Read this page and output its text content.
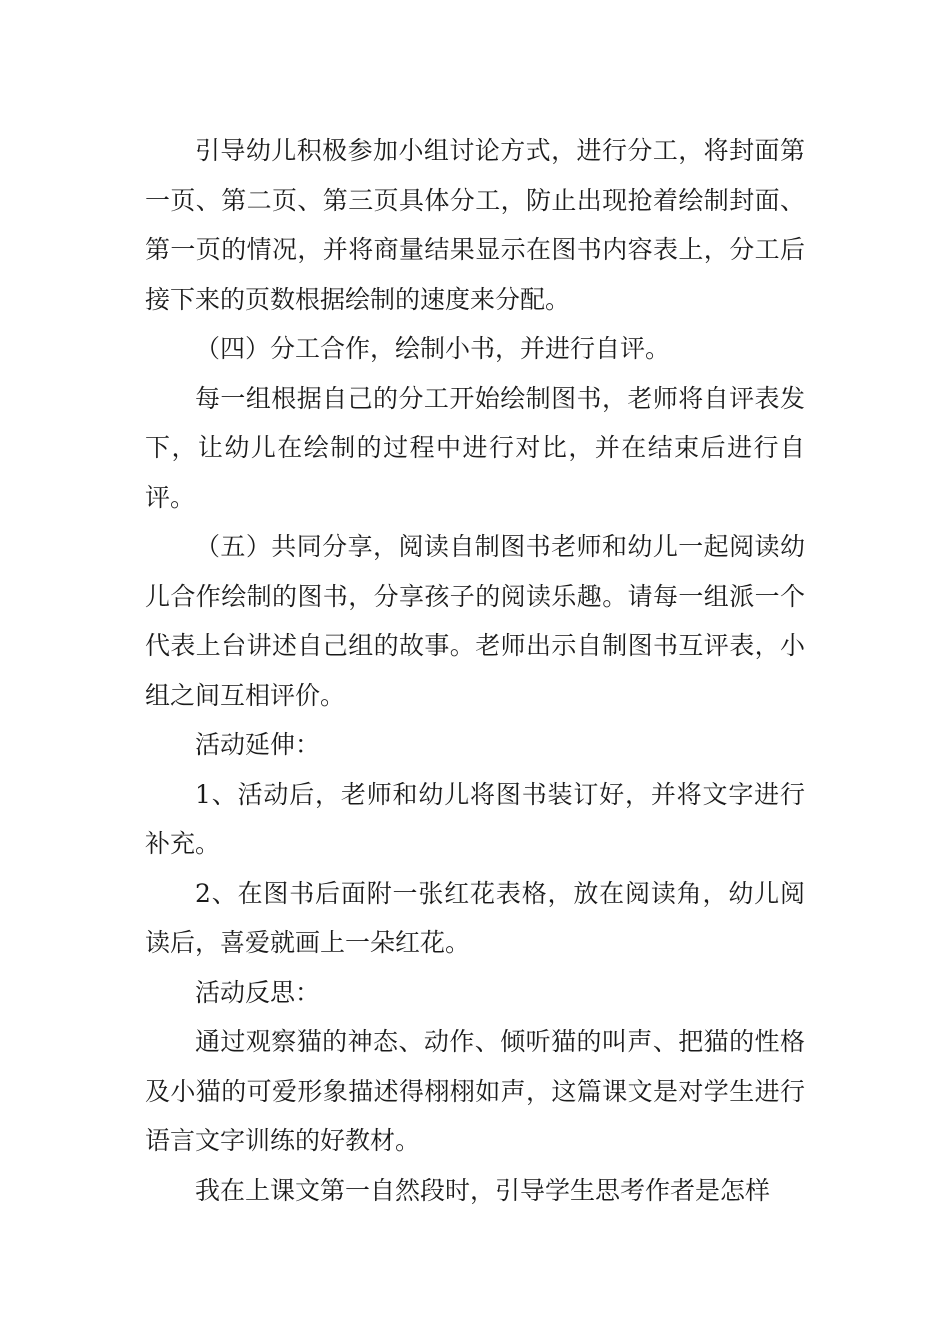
引导幼儿积极参加小组讨论方式，进行分工，将封面第一页、第二页、第三页具体分工，防止出现抢着绘制封面、第一页的情况，并将商量结果显示在图书内容表上，分工后接下来的页数根据绘制的速度来分配。

（四）分工合作，绘制小书，并进行自评。

每一组根据自己的分工开始绘制图书，老师将自评表发下，让幼儿在绘制的过程中进行对比，并在结束后进行自评。

（五）共同分享，阅读自制图书老师和幼儿一起阅读幼儿合作绘制的图书，分享孩子的阅读乐趣。请每一组派一个代表上台讲述自己组的故事。老师出示自制图书互评表，小组之间互相评价。

活动延伸：

1、活动后，老师和幼儿将图书装订好，并将文字进行补充。

2、在图书后面附一张红花表格，放在阅读角，幼儿阅读后，喜爱就画上一朵红花。

活动反思：

通过观察猫的神态、动作、倾听猫的叫声、把猫的性格及小猫的可爱形象描述得栩栩如声，这篇课文是对学生进行语言文字训练的好教材。

我在上课文第一自然段时，引导学生思考作者是怎样
